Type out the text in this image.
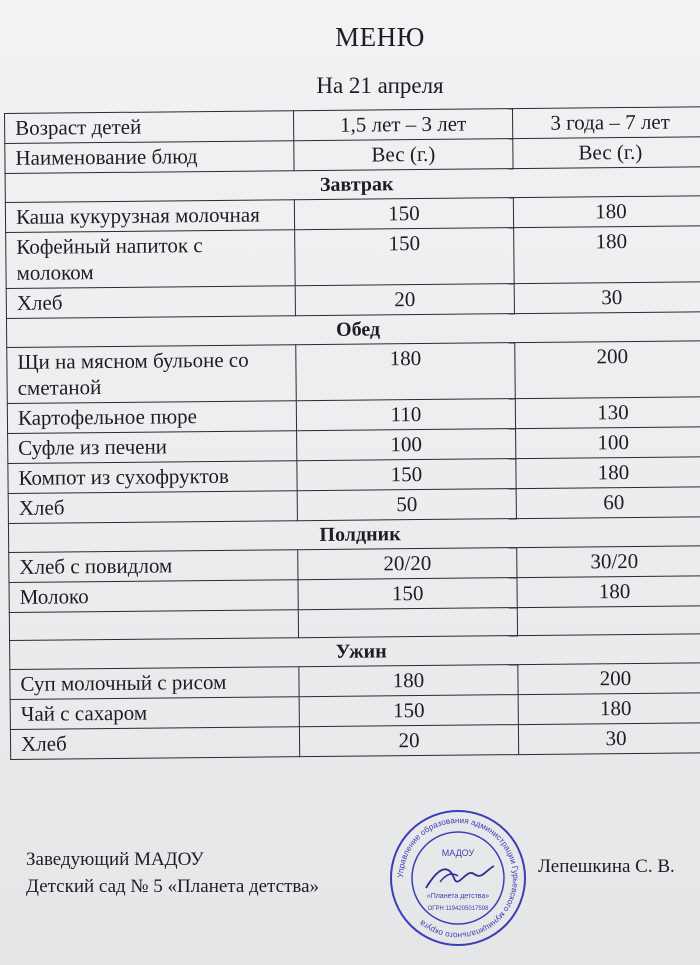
МЕНЮ
На 21 апреля
Возраст детей	1,5 лет – 3 лет	3 года – 7 лет
Наименование блюд	Вес (г.)	Вес (г.)
Завтрак		
Каша кукурузная молочная	150	180
Кофейный напиток с молоком	150	180
Хлеб	20	30
Обед		
Щи на мясном бульоне со сметаной	180	200
Картофельное пюре	110	130
Суфле из печени	100	100
Компот из сухофруктов	150	180
Хлеб	50	60
Полдник		
Хлеб с повидлом	20/20	30/20
Молоко	150	180

Ужин		
Суп молочный с рисом	180	200
Чай с сахаром	150	180
Хлеб	20	30
Заведующий МАДОУ
Детский сад № 5 «Планета детства»
Управление образования администрации Гурьевского муниципального округа
МАДОУ
«Планета детства»
ОГРН 1194205017598
Лепешкина С. В.
